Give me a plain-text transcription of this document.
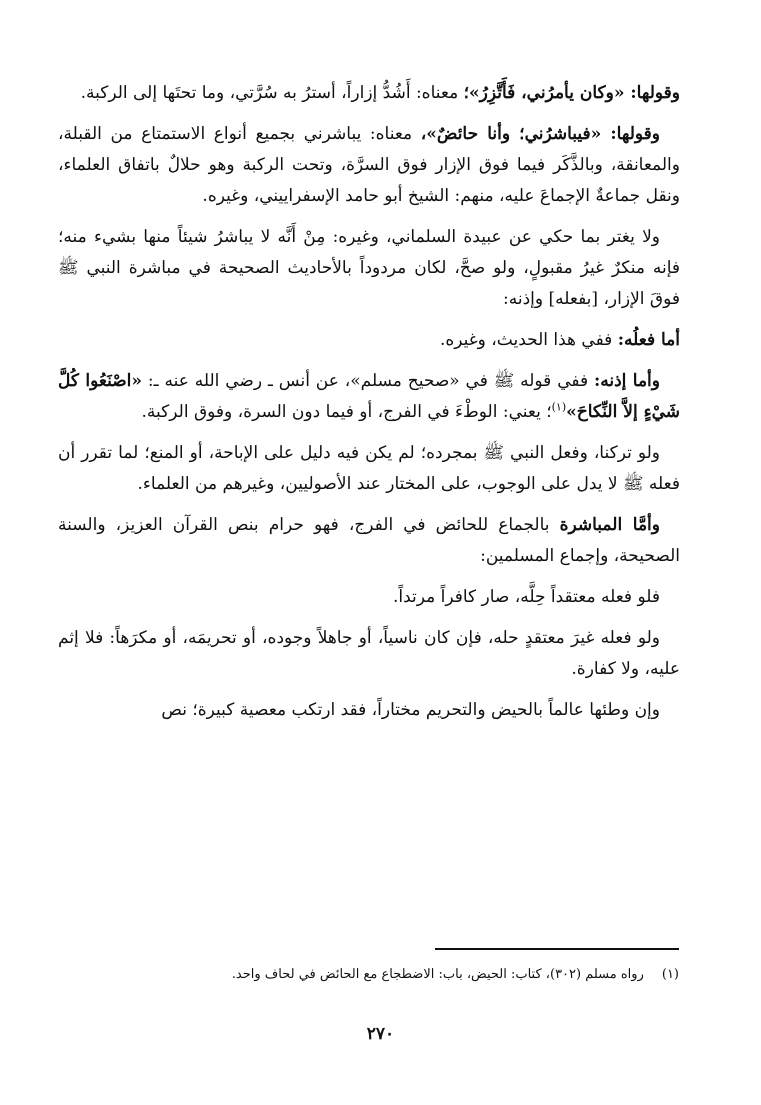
وقولها: «وكان يأمرُني، فَأَتَّزِرُ»؛ معناه: أَشُدُّ إزاراً، أسترُ به سُرَّتي، وما تحتَها إلى الركبة.

وقولها: «فيباشرُني؛ وأنا حائضٌ»، معناه: يباشرني بجميع أنواع الاستمتاع من القبلة، والمعانقة، وبالذَّكَر فيما فوق الإزار فوق السرَّة، وتحت الركبة وهو حلالٌ باتفاق العلماء، ونقل جماعةٌ الإجماعَ عليه، منهم: الشيخ أبو حامد الإسفراييني، وغيره.

ولا يغتر بما حكي عن عبيدة السلماني، وغيره: مِنْ أَنَّه لا يباشرُ شيئاً منها بشيء منه؛ فإنه منكرٌ غيرُ مقبولٍ، ولو صحَّ، لكان مردوداً بالأحاديث الصحيحة في مباشرة النبي ﷺ فوقَ الإزار، [بفعله] وإذنه:

أما فعلُه: ففي هذا الحديث، وغيره.

وأما إذنه: ففي قوله ﷺ في «صحيح مسلم»، عن أنس ـ رضي الله عنه ـ: «اصْنَعُوا كُلَّ شَيْءٍ إلاَّ النِّكاحَ»$^{(١)}$؛ يعني: الوطْءَ في الفرج، أو فيما دون السرة، وفوق الركبة.

ولو تركنا، وفعل النبي ﷺ بمجرده؛ لم يكن فيه دليل على الإباحة، أو المنع؛ لما تقرر أن فعله ﷺ لا يدل على الوجوب، على المختار عند الأصوليين، وغيرهم من العلماء.

وأمَّا المباشرة بالجماع للحائض في الفرج، فهو حرام بنص القرآن العزيز، والسنة الصحيحة، وإجماع المسلمين:

فلو فعله معتقداً حِلَّه، صار كافراً مرتداً.

ولو فعله غيرَ معتقدٍ حله، فإن كان ناسياً، أو جاهلاً وجوده، أو تحريمَه، أو مكرَهاً: فلا إثم عليه، ولا كفارة.

وإن وطئها عالماً بالحيض والتحريم مختاراً، فقد ارتكب معصية كبيرة؛ نص

(١)رواه مسلم (٣٠٢)، كتاب: الحيض، باب: الاضطجاع مع الحائض في لحاف واحد.
٢٧٠
